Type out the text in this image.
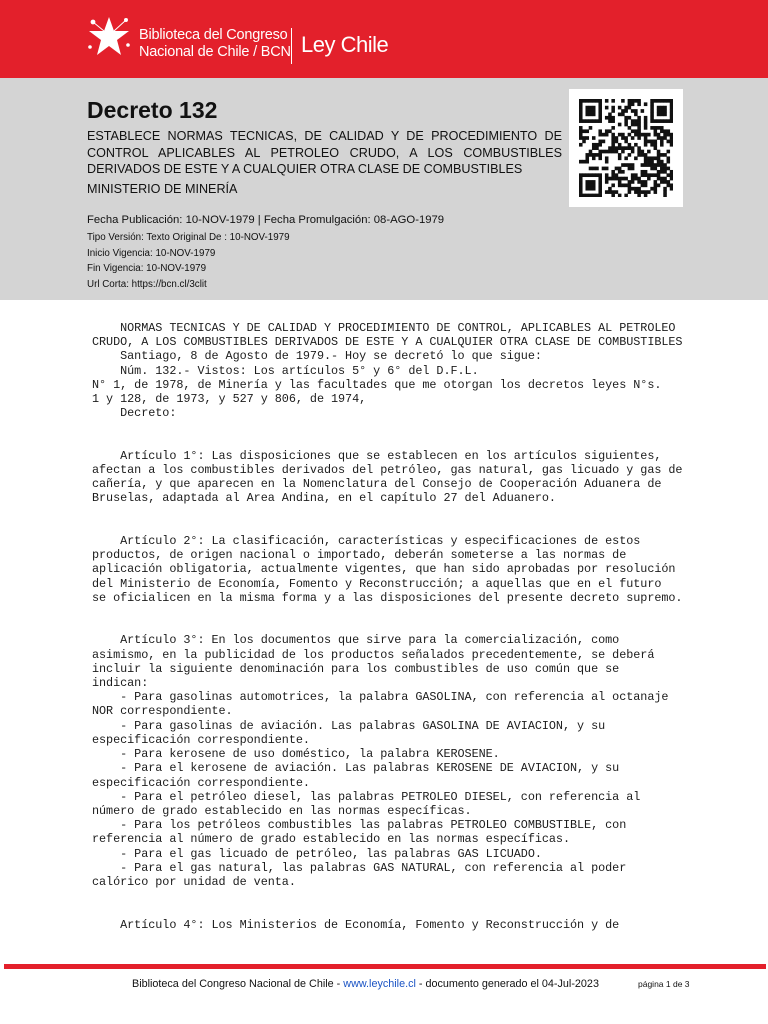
Biblioteca del Congreso
Nacional de Chile / BCN Ley Chile
Decreto 132

ESTABLECE NORMAS TECNICAS, DE CALIDAD Y DE PROCEDIMIENTO DE CONTROL APLICABLES AL PETROLEO CRUDO, A LOS COMBUSTIBLES DERIVADOS DE ESTE Y A CUALQUIER OTRA CLASE DE COMBUSTIBLES

MINISTERIO DE MINERÍA
Fecha Publicación: 10-NOV-1979 | Fecha Promulgación: 08-AGO-1979
Tipo Versión: Texto Original De : 10-NOV-1979
Inicio Vigencia: 10-NOV-1979
Fin Vigencia: 10-NOV-1979
Url Corta: https://bcn.cl/3clit
NORMAS TECNICAS Y DE CALIDAD Y PROCEDIMIENTO DE CONTROL, APLICABLES AL PETROLEO
CRUDO, A LOS COMBUSTIBLES DERIVADOS DE ESTE Y A CUALQUIER OTRA CLASE DE COMBUSTIBLES
Santiago, 8 de Agosto de 1979.- Hoy se decretó lo que sigue:
Núm. 132.- Vistos: Los artículos 5° y 6° del D.F.L.
N° 1, de 1978, de Minería y las facultades que me otorgan los decretos leyes N°s.
1 y 128, de 1973, y 527 y 806, de 1974,
Decreto:

Artículo 1°: Las disposiciones que se establecen en los artículos siguientes,
afectan a los combustibles derivados del petróleo, gas natural, gas licuado y gas de
cañería, y que aparecen en la Nomenclatura del Consejo de Cooperación Aduanera de
Bruselas, adaptada al Area Andina, en el capítulo 27 del Aduanero.

Artículo 2°: La clasificación, características y especificaciones de estos
productos, de origen nacional o importado, deberán someterse a las normas de
aplicación obligatoria, actualmente vigentes, que han sido aprobadas por resolución
del Ministerio de Economía, Fomento y Reconstrucción; a aquellas que en el futuro
se oficialicen en la misma forma y a las disposiciones del presente decreto supremo.

Artículo 3°: En los documentos que sirve para la comercialización, como
asimismo, en la publicidad de los productos señalados precedentemente, se deberá
incluir la siguiente denominación para los combustibles de uso común que se
indican:
- Para gasolinas automotrices, la palabra GASOLINA, con referencia al octanaje
NOR correspondiente.
- Para gasolinas de aviación. Las palabras GASOLINA DE AVIACION, y su
especificación correspondiente.
- Para kerosene de uso doméstico, la palabra KEROSENE.
- Para el kerosene de aviación. Las palabras KEROSENE DE AVIACION, y su
especificación correspondiente.
- Para el petróleo diesel, las palabras PETROLEO DIESEL, con referencia al
número de grado establecido en las normas específicas.
- Para los petróleos combustibles las palabras PETROLEO COMBUSTIBLE, con
referencia al número de grado establecido en las normas específicas.
- Para el gas licuado de petróleo, las palabras GAS LICUADO.
- Para el gas natural, las palabras GAS NATURAL, con referencia al poder
calórico por unidad de venta.

Artículo 4°: Los Ministerios de Economía, Fomento y Reconstrucción y de
Biblioteca del Congreso Nacional de Chile - www.leychile.cl - documento generado el 04-Jul-2023	página 1 de 3
